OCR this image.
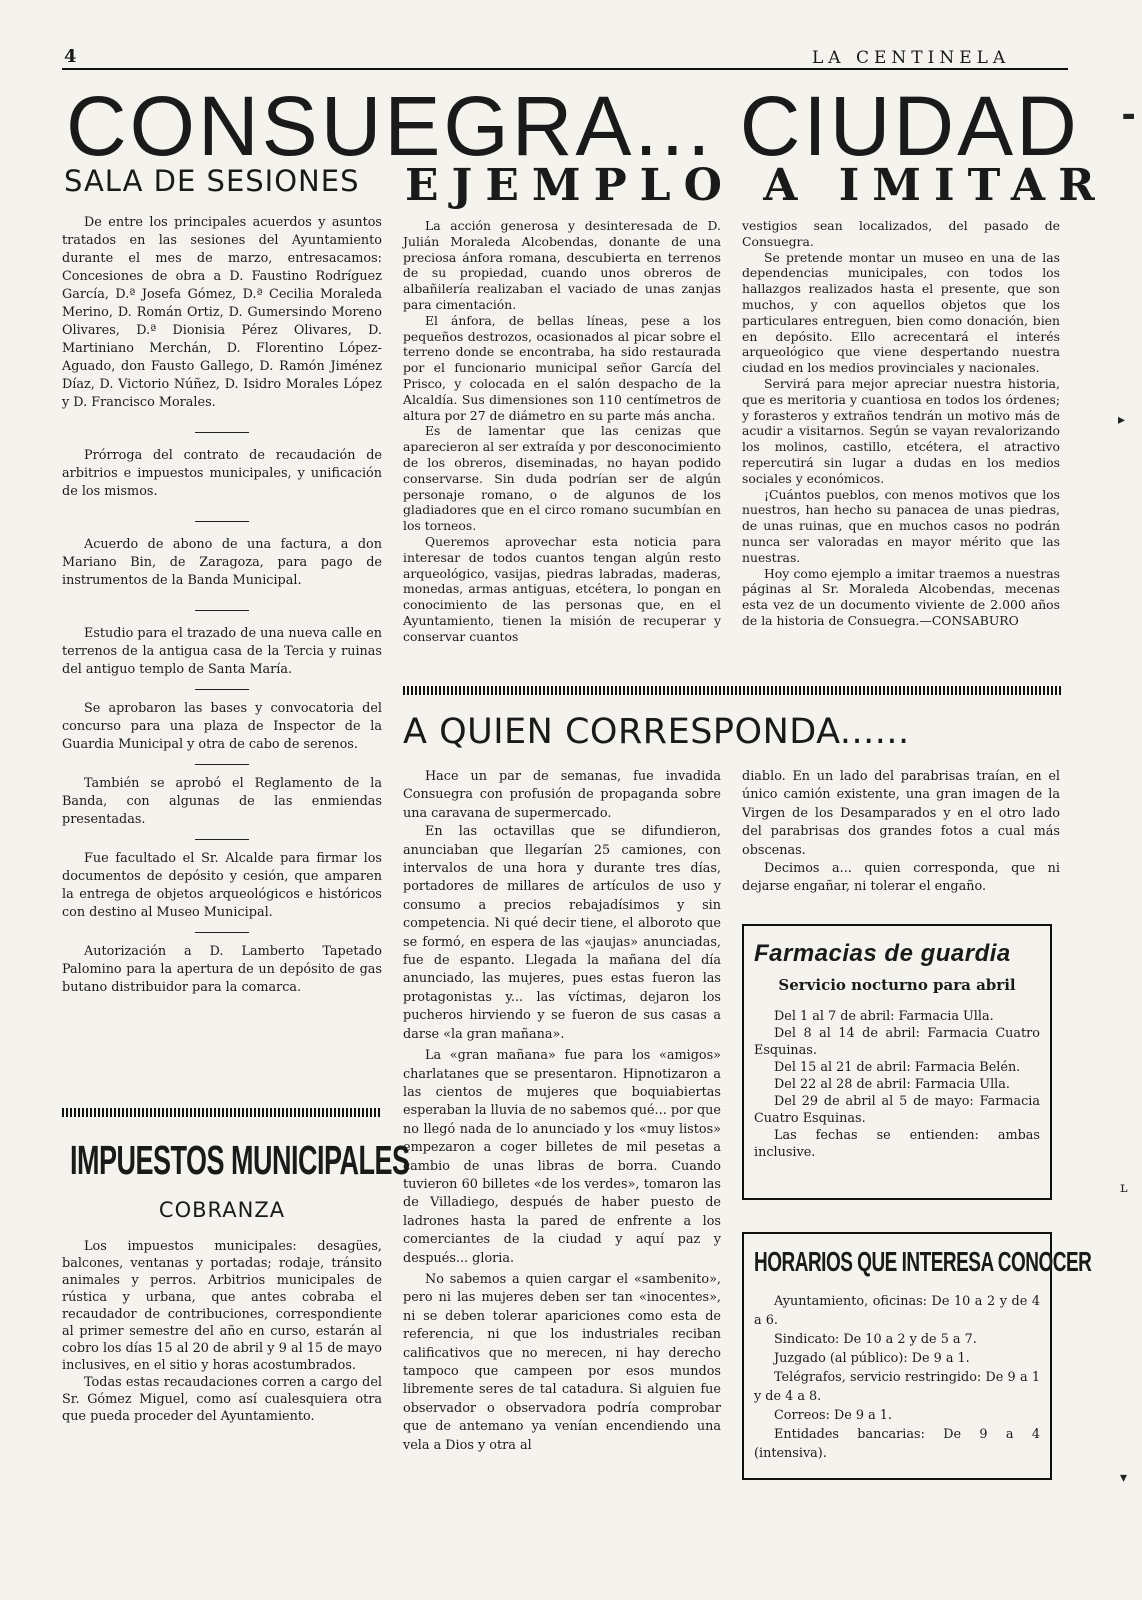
4	LA CENTINELA
CONSUEGRA... CIUDAD
SALA DE SESIONES EJEMPLO A IMITAR
De entre los principales acuerdos y asuntos tratados en las sesiones del Ayuntamiento durante el mes de marzo, entresacamos: Concesiones de obra a D. Faustino Rodríguez García, D.ª Josefa Gómez, D.ª Cecilia Moraleda Merino, D. Román Ortiz, D. Gumersindo Moreno Olivares, D.ª Dionisia Pérez Olivares, D. Martiniano Merchán, D. Florentino López-Aguado, don Fausto Gallego, D. Ramón Jiménez Díaz, D. Victorio Núñez, D. Isidro Morales López y D. Francisco Morales.
Prórroga del contrato de recaudación de arbitrios e impuestos municipales, y unificación de los mismos.
Acuerdo de abono de una factura, a don Mariano Bin, de Zaragoza, para pago de instrumentos de la Banda Municipal.
Estudio para el trazado de una nueva calle en terrenos de la antigua casa de la Tercia y ruinas del antiguo templo de Santa María.
Se aprobaron las bases y convocatoria del concurso para una plaza de Inspector de la Guardia Municipal y otra de cabo de serenos.
También se aprobó el Reglamento de la Banda, con algunas de las enmiendas presentadas.
Fue facultado el Sr. Alcalde para firmar los documentos de depósito y cesión, que amparen la entrega de objetos arqueológicos e históricos con destino al Museo Municipal.
Autorización a D. Lamberto Tapetado Palomino para la apertura de un depósito de gas butano distribuidor para la comarca.
IMPUESTOS MUNICIPALES
COBRANZA

Los impuestos municipales: desagües, balcones, ventanas y portadas; rodaje, tránsito animales y perros. Arbitrios municipales de rústica y urbana, que antes cobraba el recaudador de contribuciones, correspondiente al primer semestre del año en curso, estarán al cobro los días 15 al 20 de abril y 9 al 15 de mayo inclusives, en el sitio y horas acostumbrados.

Todas estas recaudaciones corren a cargo del Sr. Gómez Miguel, como así cualesquiera otra que pueda proceder del Ayuntamiento.

La acción generosa y desinteresada de D. Julián Moraleda Alcobendas, donante de una preciosa ánfora romana, descubierta en terrenos de su propiedad, cuando unos obreros de albañilería realizaban el vaciado de unas zanjas para cimentación.

El ánfora, de bellas líneas, pese a los pequeños destrozos, ocasionados al picar sobre el terreno donde se encontraba, ha sido restaurada por el funcionario municipal señor García del Prisco, y colocada en el salón despacho de la Alcaldía. Sus dimensiones son 110 centímetros de altura por 27 de diámetro en su parte más ancha.

Es de lamentar que las cenizas que aparecieron al ser extraída y por desconocimiento de los obreros, diseminadas, no hayan podido conservarse. Sin duda podrían ser de algún personaje romano, o de algunos de los gladiadores que en el circo romano sucumbían en los torneos.

Queremos aprovechar esta noticia para interesar de todos cuantos tengan algún resto arqueológico, vasijas, piedras labradas, maderas, monedas, armas antiguas, etcétera, lo pongan en conocimiento de las personas que, en el Ayuntamiento, tienen la misión de recuperar y conservar cuantos

vestigios sean localizados, del pasado de Consuegra.

Se pretende montar un museo en una de las dependencias municipales, con todos los hallazgos realizados hasta el presente, que son muchos, y con aquellos objetos que los particulares entreguen, bien como donación, bien en depósito. Ello acrecentará el interés arqueológico que viene despertando nuestra ciudad en los medios provinciales y nacionales.

Servirá para mejor apreciar nuestra historia, que es meritoria y cuantiosa en todos los órdenes; y forasteros y extraños tendrán un motivo más de acudir a visitarnos. Según se vayan revalorizando los molinos, castillo, etcétera, el atractivo repercutirá sin lugar a dudas en los medios sociales y económicos.

¡Cuántos pueblos, con menos motivos que los nuestros, han hecho su panacea de unas piedras, de unas ruinas, que en muchos casos no podrán nunca ser valoradas en mayor mérito que las nuestras.

Hoy como ejemplo a imitar traemos a nuestras páginas al Sr. Moraleda Alcobendas, mecenas esta vez de un documento viviente de 2.000 años de la historia de Consuegra.—CONSABURO

A QUIEN CORRESPONDA......

Hace un par de semanas, fue invadida Consuegra con profusión de propaganda sobre una caravana de supermercado.

En las octavillas que se difundieron, anunciaban que llegarían 25 camiones, con intervalos de una hora y durante tres días, portadores de millares de artículos de uso y consumo a precios rebajadísimos y sin competencia. Ni qué decir tiene, el alboroto que se formó, en espera de las «jaujas» anunciadas, fue de espanto. Llegada la mañana del día anunciado, las mujeres, pues estas fueron las protagonistas y... las víctimas, dejaron los pucheros hirviendo y se fueron de sus casas a darse «la gran mañana».

La «gran mañana» fue para los «amigos» charlatanes que se presentaron. Hipnotizaron a las cientos de mujeres que boquiabiertas esperaban la lluvia de no sabemos qué... por que no llegó nada de lo anunciado y los «muy listos» empezaron a coger billetes de mil pesetas a cambio de unas libras de borra. Cuando tuvieron 60 billetes «de los verdes», tomaron las de Villadiego, después de haber puesto de ladrones hasta la pared de enfrente a los comerciantes de la ciudad y aquí paz y después... gloria.

No sabemos a quien cargar el «sambenito», pero ni las mujeres deben ser tan «inocentes», ni se deben tolerar apariciones como esta de referencia, ni que los industriales reciban calificativos que no merecen, ni hay derecho tampoco que campeen por esos mundos libremente seres de tal catadura. Si alguien fue observador o observadora podría comprobar que de antemano ya venían encendiendo una vela a Dios y otra al

diablo. En un lado del parabrisas traían, en el único camión existente, una gran imagen de la Virgen de los Desamparados y en el otro lado del parabrisas dos grandes fotos a cual más obscenas.

Decimos a... quien corresponda, que ni dejarse engañar, ni tolerar el engaño.

Farmacias de guardia
Servicio nocturno para abril

Del 1 al 7 de abril: Farmacia Ulla.

Del 8 al 14 de abril: Farmacia Cuatro Esquinas.

Del 15 al 21 de abril: Farmacia Belén.

Del 22 al 28 de abril: Farmacia Ulla.

Del 29 de abril al 5 de mayo: Farmacia Cuatro Esquinas.

Las fechas se entienden: ambas inclusive.

HORARIOS QUE INTERESA CONOCER

Ayuntamiento, oficinas: De 10 a 2 y de 4 a 6.

Sindicato: De 10 a 2 y de 5 a 7.

Juzgado (al público): De 9 a 1.

Telégrafos, servicio restringido: De 9 a 1 y de 4 a 8.

Correos: De 9 a 1.

Entidades bancarias: De 9 a 4 (intensiva).

▬
▸
ʟ
▾
